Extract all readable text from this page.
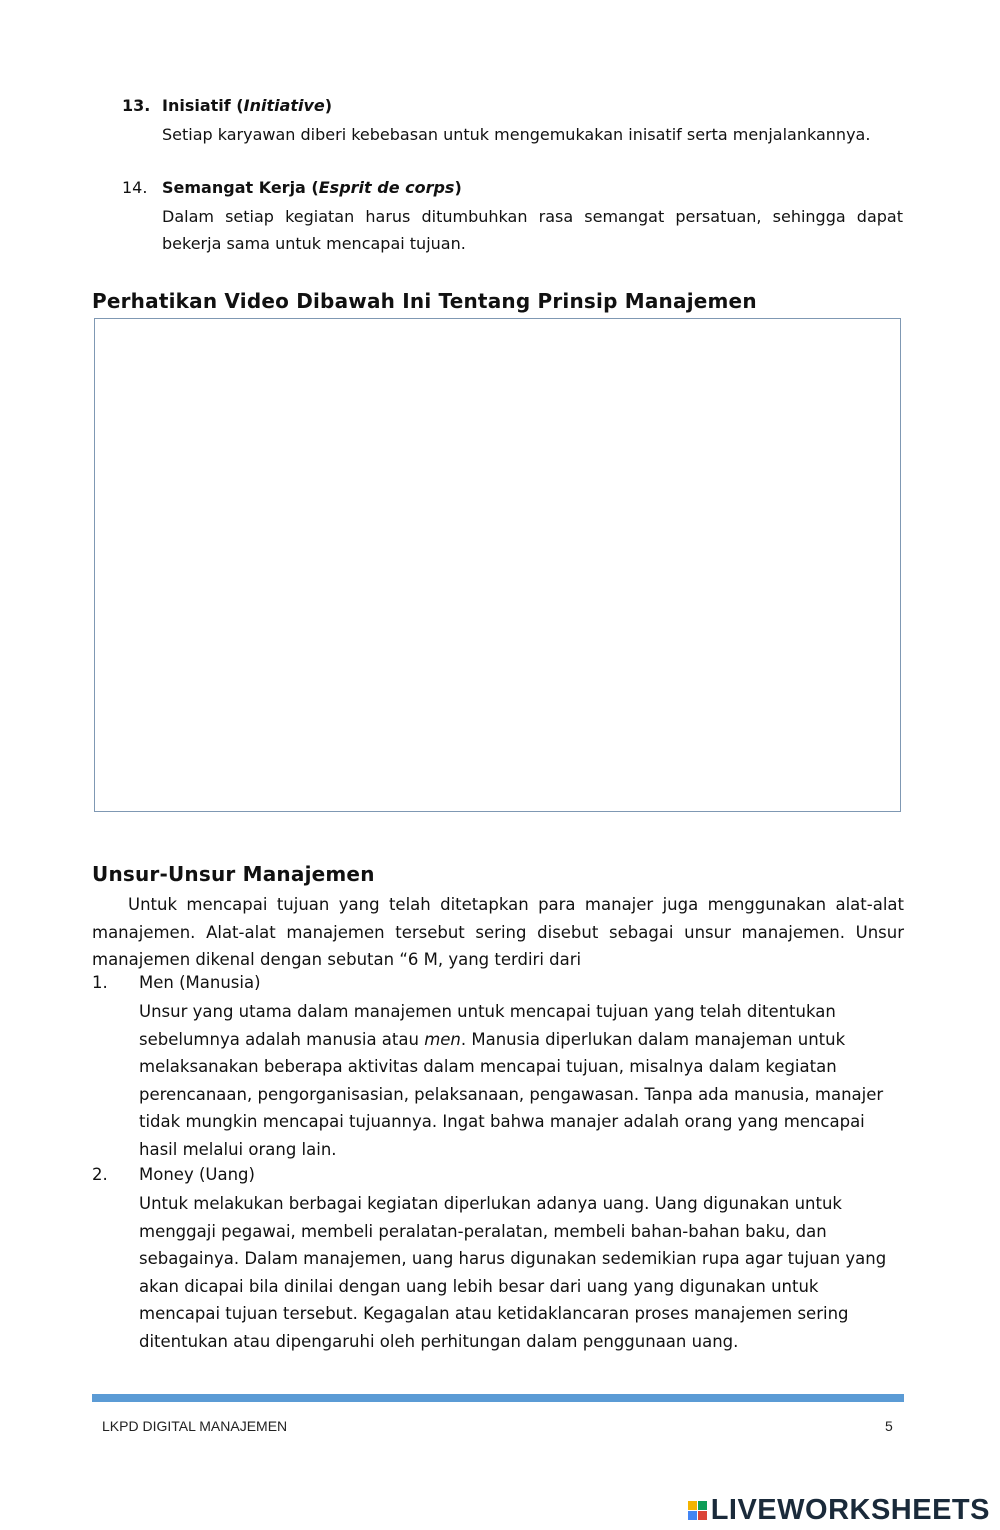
13. Inisiatif (Initiative)
Setiap karyawan diberi kebebasan untuk mengemukakan inisatif serta menjalankannya.
14. Semangat Kerja (Esprit de corps)
Dalam setiap kegiatan harus ditumbuhkan rasa semangat persatuan, sehingga dapat bekerja sama untuk mencapai tujuan.
Perhatikan Video Dibawah Ini Tentang Prinsip Manajemen
Unsur-Unsur Manajemen
Untuk mencapai tujuan yang telah ditetapkan para manajer juga menggunakan alat-alat manajemen. Alat-alat manajemen tersebut sering disebut sebagai unsur manajemen. Unsur manajemen dikenal dengan sebutan “6 M, yang terdiri dari
1. Men (Manusia)
Unsur yang utama dalam manajemen untuk mencapai tujuan yang telah ditentukan sebelumnya adalah manusia atau men. Manusia diperlukan dalam manajeman untuk melaksanakan beberapa aktivitas dalam mencapai tujuan, misalnya dalam kegiatan perencanaan, pengorganisasian, pelaksanaan, pengawasan. Tanpa ada manusia, manajer tidak mungkin mencapai tujuannya. Ingat bahwa manajer adalah orang yang mencapai hasil melalui orang lain.
2. Money (Uang)
Untuk melakukan berbagai kegiatan diperlukan adanya uang. Uang digunakan untuk menggaji pegawai, membeli peralatan-peralatan, membeli bahan-bahan baku, dan sebagainya. Dalam manajemen, uang harus digunakan sedemikian rupa agar tujuan yang akan dicapai bila dinilai dengan uang lebih besar dari uang yang digunakan untuk mencapai tujuan tersebut. Kegagalan atau ketidaklancaran proses manajemen sering ditentukan atau dipengaruhi oleh perhitungan dalam penggunaan uang.
LKPD DIGITAL MANAJEMEN	5
LIVEWORKSHEETS
